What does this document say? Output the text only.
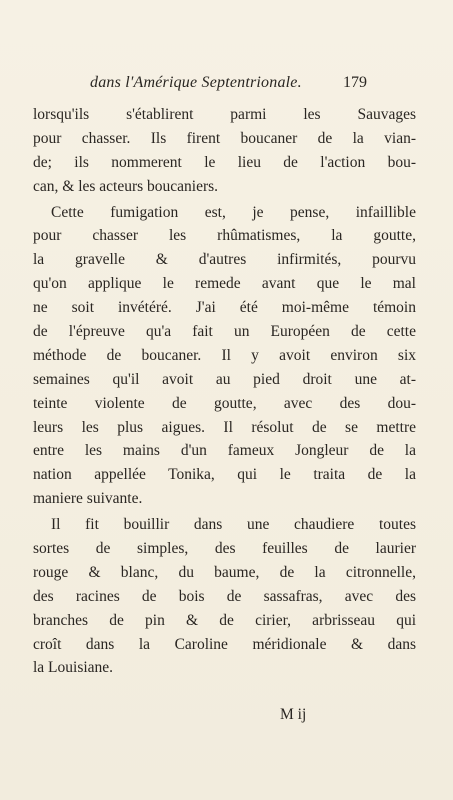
dans l'Amérique Septentrionale.	179
lorsqu'ils s'établirent parmi les Sauvages
pour chasser. Ils firent boucaner de la vian-
de; ils nommerent le lieu de l'action bou-
can, & les acteurs boucaniers.
Cette fumigation est, je pense, infaillible
pour chasser les rhûmatismes, la goutte,
la gravelle & d'autres infirmités, pourvu
qu'on applique le remede avant que le mal
ne soit invétéré. J'ai été moi-même témoin
de l'épreuve qu'a fait un Européen de cette
méthode de boucaner. Il y avoit environ six
semaines qu'il avoit au pied droit une at-
teinte violente de goutte, avec des dou-
leurs les plus aigues. Il résolut de se mettre
entre les mains d'un fameux Jongleur de la
nation appellée Tonika, qui le traita de la
maniere suivante.
Il fit bouillir dans une chaudiere toutes
sortes de simples, des feuilles de laurier
rouge & blanc, du baume, de la citronnelle,
des racines de bois de sassafras, avec des
branches de pin & de cirier, arbrisseau qui
croît dans la Caroline méridionale & dans
la Louisiane.
M ij
